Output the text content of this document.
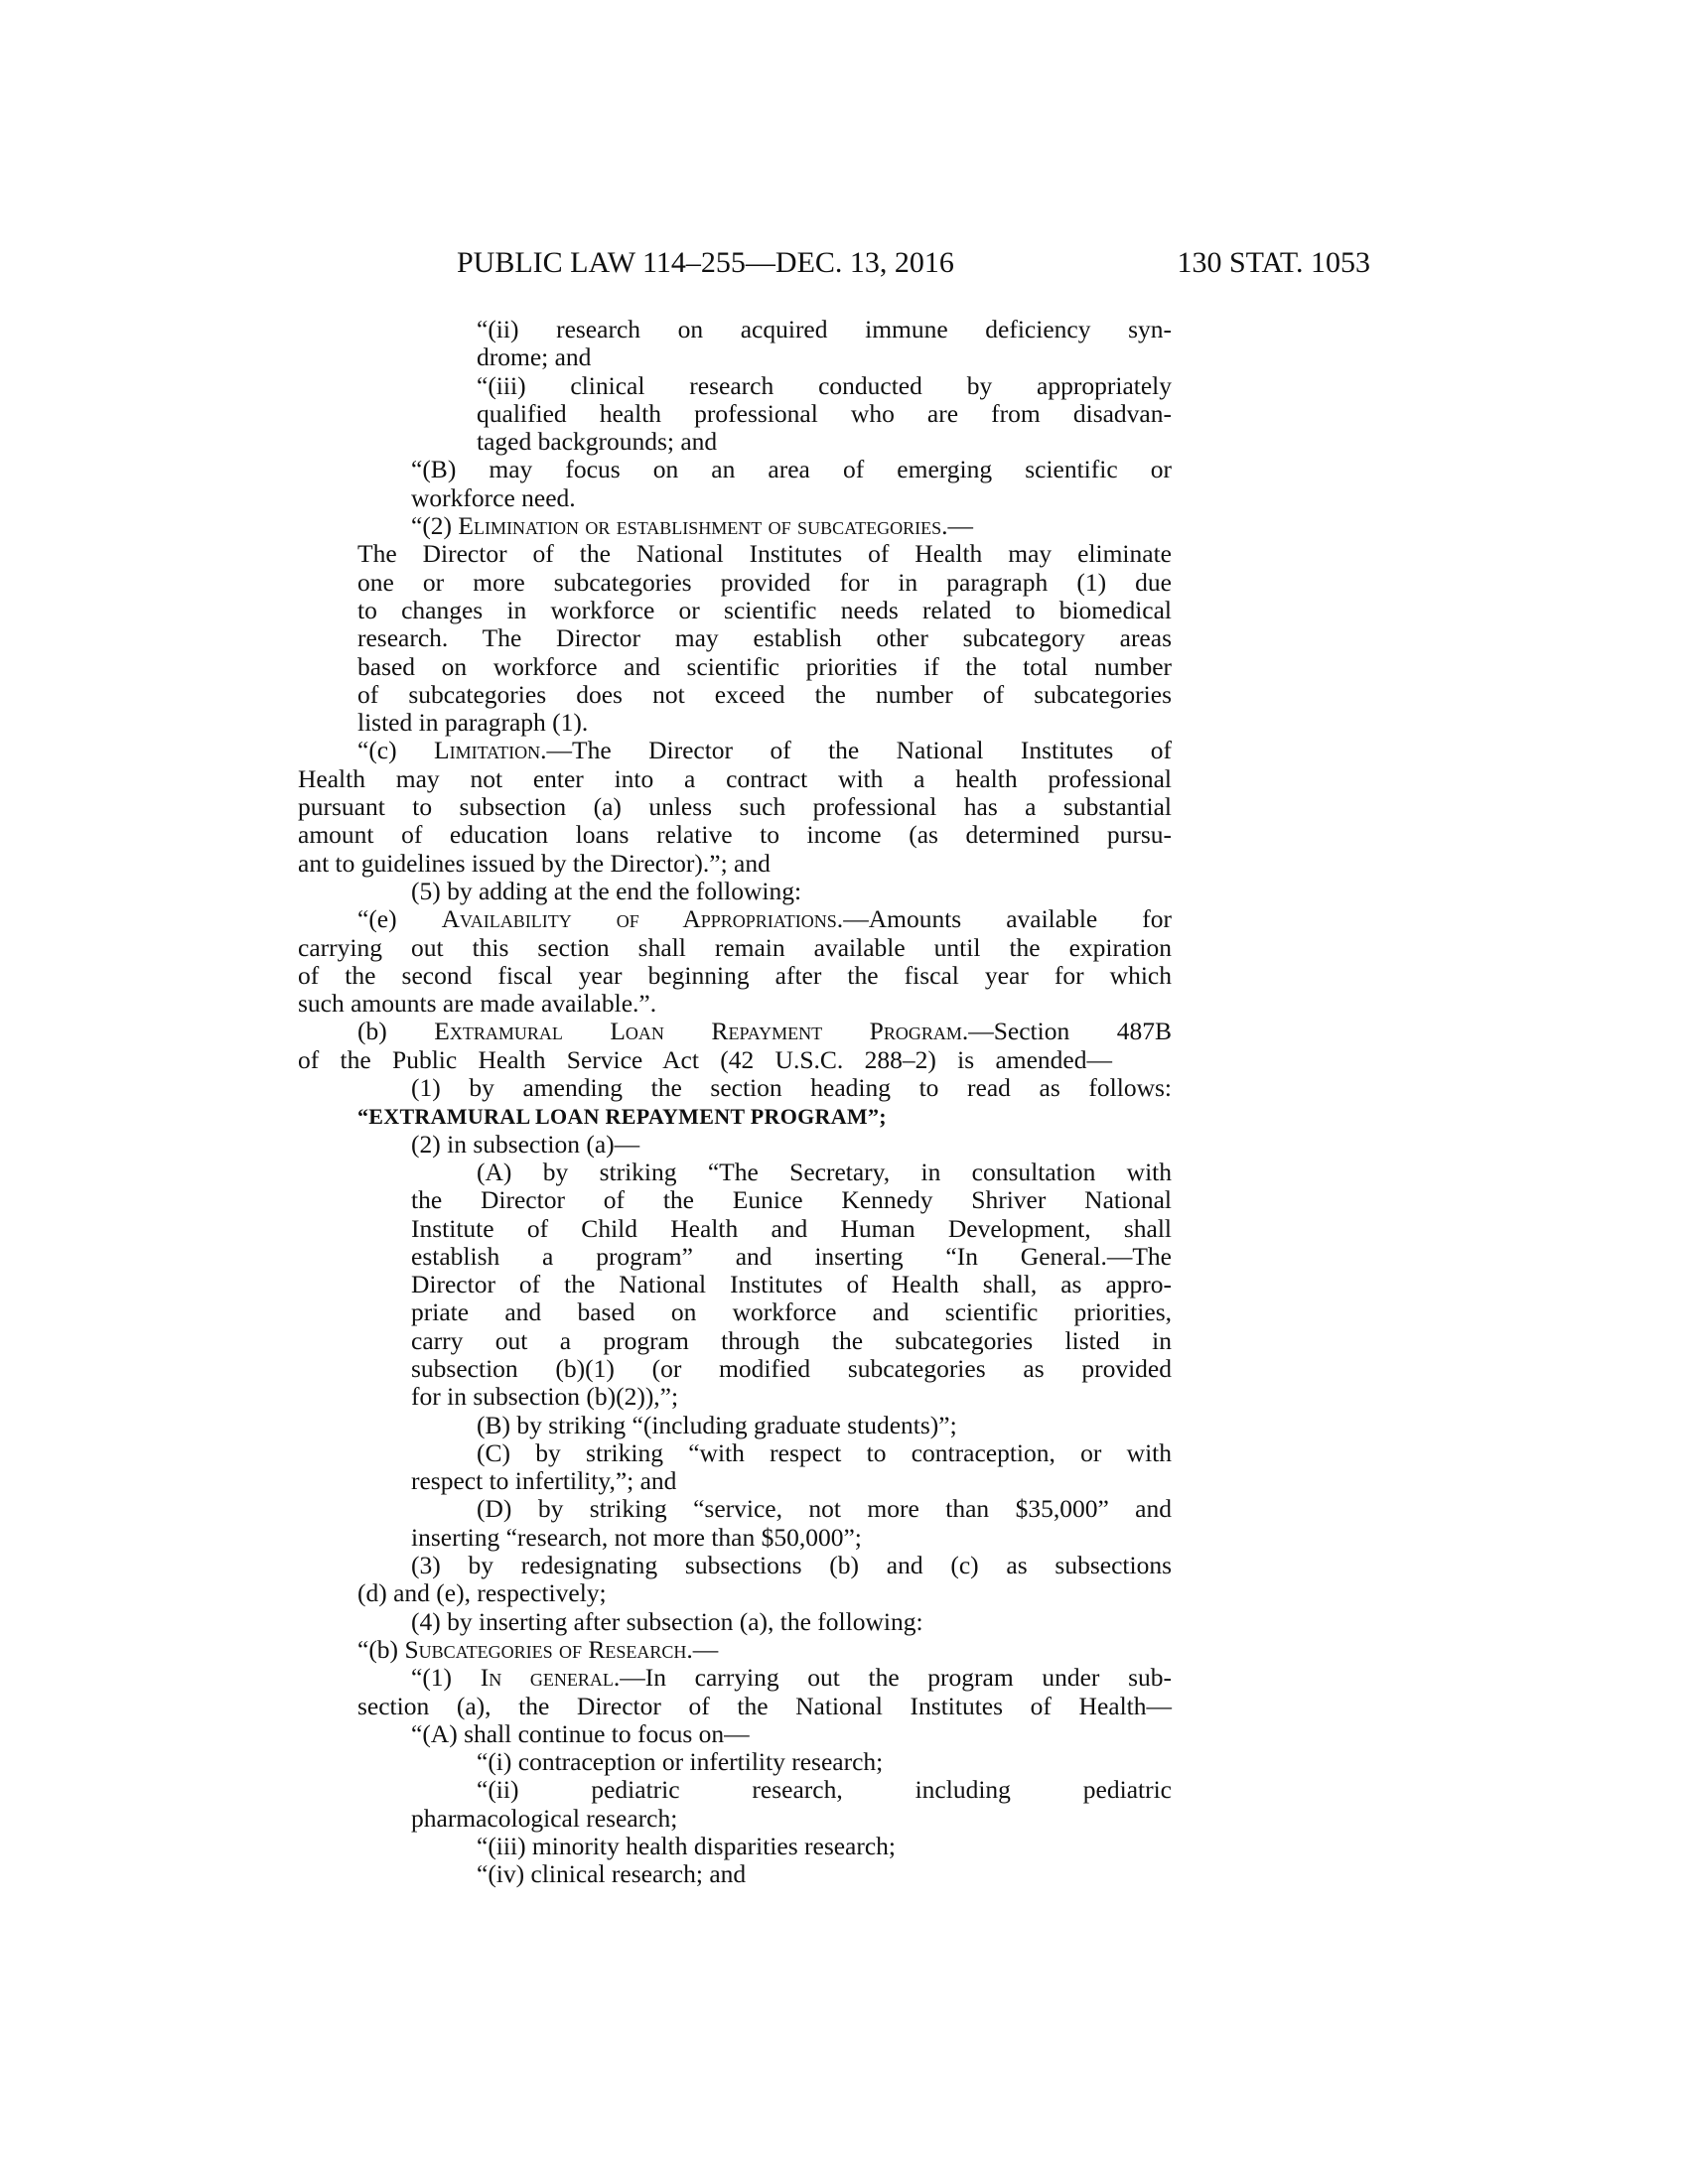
PUBLIC LAW 114–255—DEC. 13, 2016	130 STAT. 1053
“(ii) research on acquired immune deficiency syn-
drome; and
“(iii) clinical research conducted by appropriately
qualified health professional who are from disadvan-
taged backgrounds; and
“(B) may focus on an area of emerging scientific or
workforce need.
“(2) Elimination or establishment of subcategories.—
The Director of the National Institutes of Health may eliminate
one or more subcategories provided for in paragraph (1) due
to changes in workforce or scientific needs related to biomedical
research. The Director may establish other subcategory areas
based on workforce and scientific priorities if the total number
of subcategories does not exceed the number of subcategories
listed in paragraph (1).
“(c) Limitation.—The Director of the National Institutes of
Health may not enter into a contract with a health professional
pursuant to subsection (a) unless such professional has a substantial
amount of education loans relative to income (as determined pursu-
ant to guidelines issued by the Director).”; and
(5) by adding at the end the following:
“(e) Availability of Appropriations.—Amounts available for
carrying out this section shall remain available until the expiration
of the second fiscal year beginning after the fiscal year for which
such amounts are made available.”.
(b) Extramural Loan Repayment Program.—Section 487B
of the Public Health Service Act (42 U.S.C. 288–2) is amended—
(1) by amending the section heading to read as follows:
“EXTRAMURAL LOAN REPAYMENT PROGRAM”;
(2) in subsection (a)—
(A) by striking “The Secretary, in consultation with
the Director of the Eunice Kennedy Shriver National
Institute of Child Health and Human Development, shall
establish a program” and inserting “In General.—The
Director of the National Institutes of Health shall, as appro-
priate and based on workforce and scientific priorities,
carry out a program through the subcategories listed in
subsection (b)(1) (or modified subcategories as provided
for in subsection (b)(2)),”;
(B) by striking “(including graduate students)”;
(C) by striking “with respect to contraception, or with
respect to infertility,”; and
(D) by striking “service, not more than $35,000” and
inserting “research, not more than $50,000”;
(3) by redesignating subsections (b) and (c) as subsections
(d) and (e), respectively;
(4) by inserting after subsection (a), the following:
“(b) Subcategories of Research.—
“(1) In general.—In carrying out the program under sub-
section (a), the Director of the National Institutes of Health—
“(A) shall continue to focus on—
“(i) contraception or infertility research;
“(ii) pediatric research, including pediatric
pharmacological research;
“(iii) minority health disparities research;
“(iv) clinical research; and
